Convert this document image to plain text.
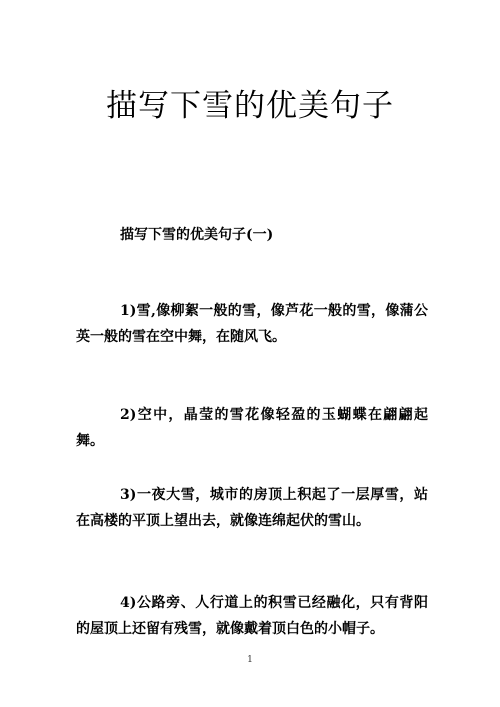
描写下雪的优美句子
描写下雪的优美句子(一)
1)雪,像柳絮一般的雪，像芦花一般的雪，像蒲公英一般的雪在空中舞，在随风飞。
2)空中，晶莹的雪花像轻盈的玉蝴蝶在翩翩起舞。
3)一夜大雪，城市的房顶上积起了一层厚雪，站在高楼的平顶上望出去，就像连绵起伏的雪山。
4)公路旁、人行道上的积雪已经融化，只有背阳的屋顶上还留有残雪，就像戴着顶白色的小帽子。
1
